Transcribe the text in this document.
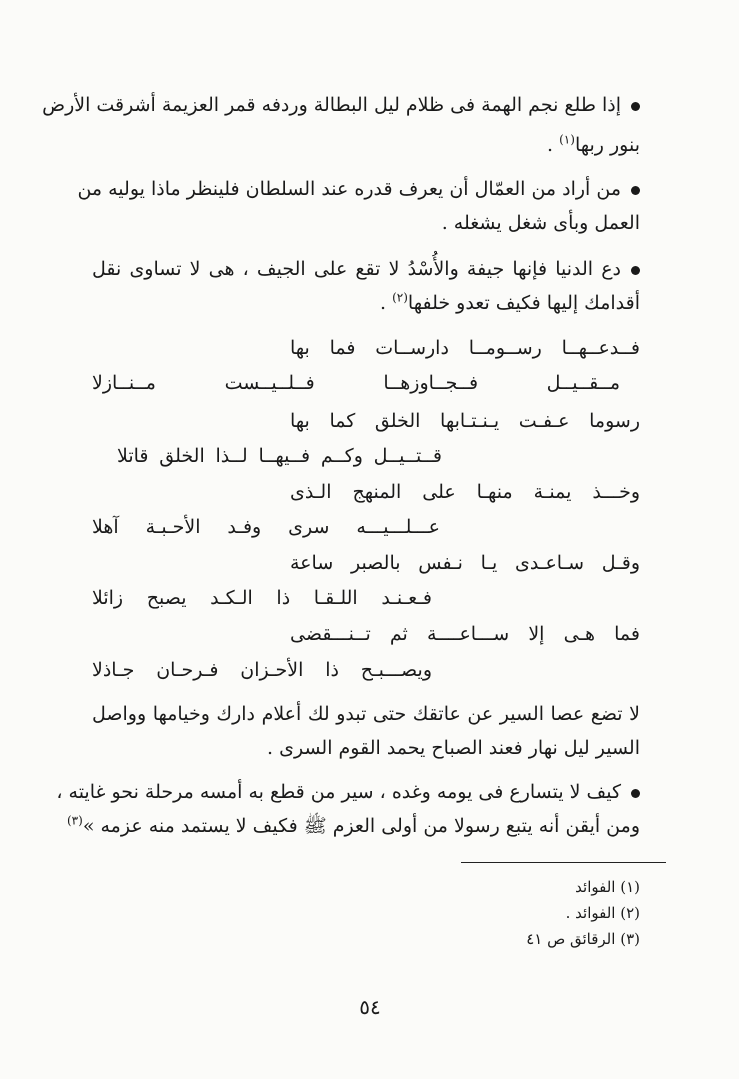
إذا طلع نجم الهمة فى ظلام ليل البطالة وردفه قمر العزيمة أشرقت الأرض
بنور ربها$^{(١)}$ .
من أراد من العمّال أن يعرف قدره عند السلطان فلينظر ماذا يوليه من
العمل وبأى شغل يشغله .
دع الدنيا فإنها جيفة والأُسْدُ لا تقع على الجيف ، هى لا تساوى نقل
أقدامك إليها فكيف تعدو خلفها$^{(٢)}$ .
فــدعــهــا رســومــا دارســات فما بها
مــقــيــل فــجــاوزهــا فــلــيــست مــنــازلا
رسوما عـفـت يـنـتـابها الخلق كما بها
قــتــيــل وكــم فــيهــا لــذا الخلق قاتلا
وخـــذ يمنـة منهـا على المنهج الـذى
عـــلـــيـــه سرى وفـد الأحـبـة آهلا
وقـل سـاعـدى يـا نـفس بالصبر ساعة
فـعـنـد اللـقـا ذا الـكـد يصبح زائلا
فما هـى إلا ســـاعــــة ثم تــنـــقضى
ويصـــبـح ذا الأحـزان فـرحـان جـاذلا
لا تضع عصا السير عن عاتقك حتى تبدو لك أعلام دارك وخيامها وواصل
السير ليل نهار فعند الصباح يحمد القوم السرى .
كيف لا يتسارع فى يومه وغده ، سير من قطع به أمسه مرحلة نحو غايته ،
ومن أيقن أنه يتبع رسولا من أولى العزم ﷺ فكيف لا يستمد منه عزمه »$^{(٣)}$
(١) الفوائد
(٢) الفوائد .
(٣) الرقائق ص ٤١
٥٤
